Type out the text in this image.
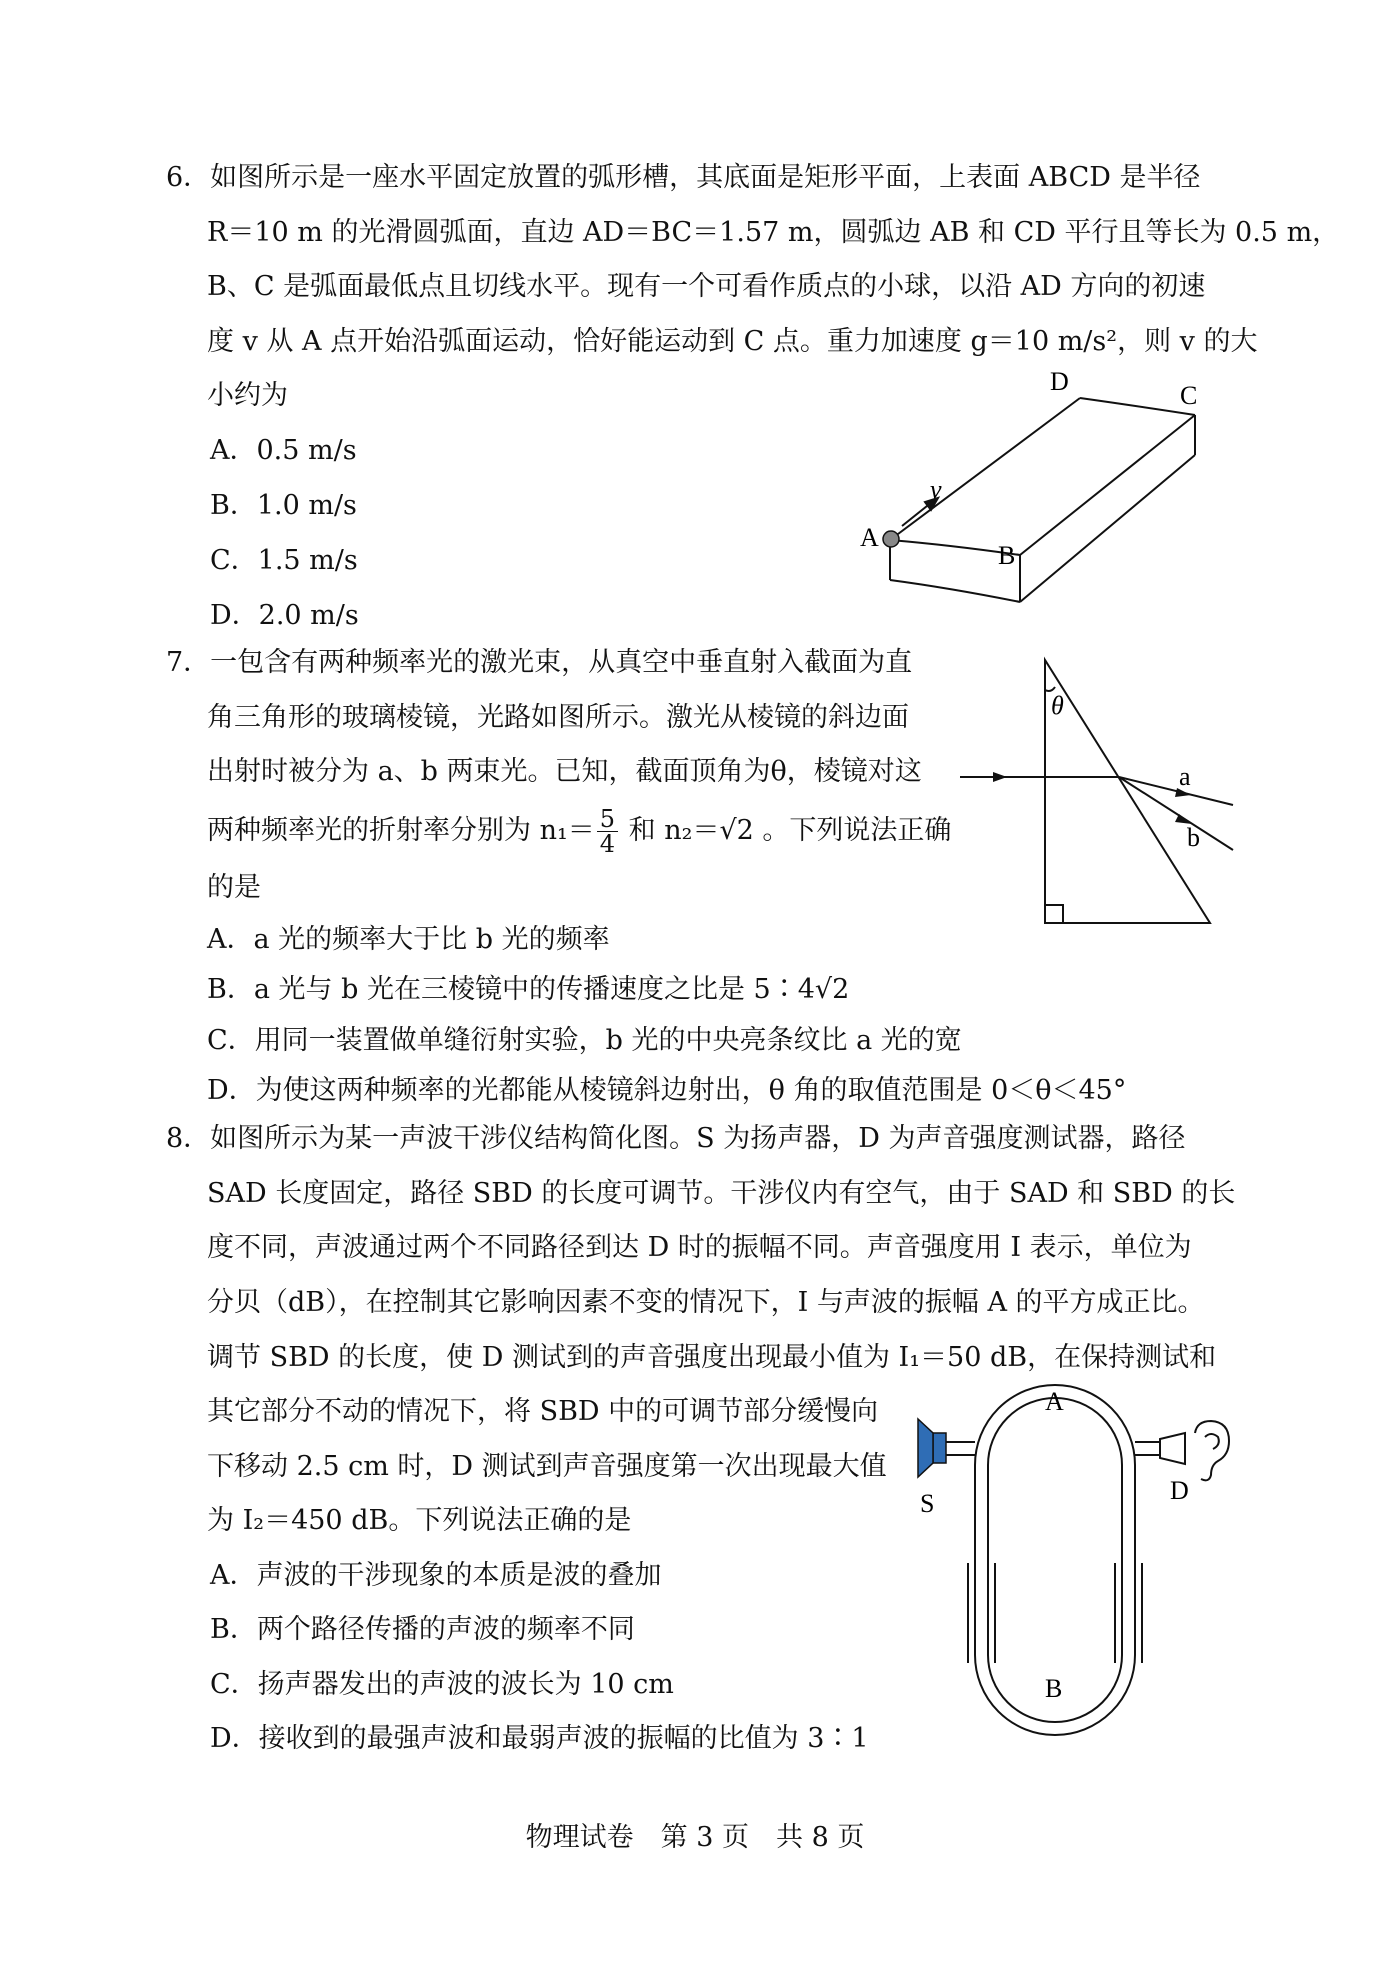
6．如图所示是一座水平固定放置的弧形槽，其底面是矩形平面，上表面 ABCD 是半径
R＝10 m 的光滑圆弧面，直边 AD＝BC＝1.57 m，圆弧边 AB 和 CD 平行且等长为 0.5 m，
B、C 是弧面最低点且切线水平。现有一个可看作质点的小球，以沿 AD 方向的初速
度 v 从 A 点开始沿弧面运动，恰好能运动到 C 点。重力加速度 g＝10 m/s²，则 v 的大
小约为
A．0.5 m/s
B．1.0 m/s
C．1.5 m/s
D．2.0 m/s
v
A
B
C
D
7．一包含有两种频率光的激光束，从真空中垂直射入截面为直
角三角形的玻璃棱镜，光路如图所示。激光从棱镜的斜边面
出射时被分为 a、b 两束光。已知，截面顶角为θ，棱镜对这
两种频率光的折射率分别为 $n_1= \frac{5}{4}$ 和 n₂＝√2 。下列说法正确
的是
A．a 光的频率大于比 b 光的频率
B．a 光与 b 光在三棱镜中的传播速度之比是 5∶4√2
C．用同一装置做单缝衍射实验，b 光的中央亮条纹比 a 光的宽
D．为使这两种频率的光都能从棱镜斜边射出，θ 角的取值范围是 0＜θ＜45°
θ
a
b
8．如图所示为某一声波干涉仪结构简化图。S 为扬声器，D 为声音强度测试器，路径
SAD 长度固定，路径 SBD 的长度可调节。干涉仪内有空气，由于 SAD 和 SBD 的长
度不同，声波通过两个不同路径到达 D 时的振幅不同。声音强度用 I 表示，单位为
分贝（dB），在控制其它影响因素不变的情况下，I 与声波的振幅 A 的平方成正比。
调节 SBD 的长度，使 D 测试到的声音强度出现最小值为 I₁＝50 dB，在保持测试和
其它部分不动的情况下，将 SBD 中的可调节部分缓慢向
下移动 2.5 cm 时，D 测试到声音强度第一次出现最大值
为 I₂＝450 dB。下列说法正确的是
A．声波的干涉现象的本质是波的叠加
B．两个路径传播的声波的频率不同
C．扬声器发出的声波的波长为 10 cm
D．接收到的最强声波和最弱声波的振幅的比值为 3∶1
A
B
S	D
物理试卷　第 3 页　共 8 页
